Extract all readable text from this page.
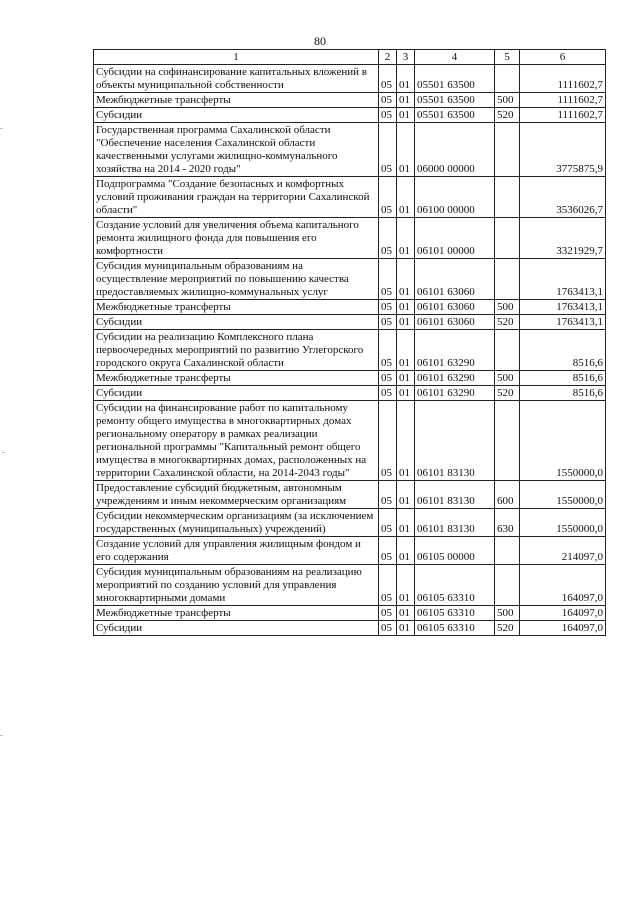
80
1	2	3	4	5	6
Субсидии на софинансирование капитальных вложений в объекты муниципальной собственности	05	01	05501 63500		1111602,7
Межбюджетные трансферты	05	01	05501 63500	500	1111602,7
Субсидии	05	01	05501 63500	520	1111602,7
Государственная программа Сахалинской области "Обеспечение населения Сахалинской области качественными услугами жилищно-коммунального хозяйства на 2014 - 2020 годы"	05	01	06000 00000		3775875,9
Подпрограмма "Создание безопасных и комфортных условий проживания граждан на территории Сахалинской области"	05	01	06100 00000		3536026,7
Создание условий для увеличения объема капитального ремонта жилищного фонда для повышения его комфортности	05	01	06101 00000		3321929,7
Субсидия муниципальным образованиям на осуществление мероприятий по повышению качества предоставляемых жилищно-коммунальных услуг	05	01	06101 63060		1763413,1
Межбюджетные трансферты	05	01	06101 63060	500	1763413,1
Субсидии	05	01	06101 63060	520	1763413,1
Субсидии на реализацию Комплексного плана первоочередных мероприятий по развитию Углегорского городского округа Сахалинской области	05	01	06101 63290		8516,6
Межбюджетные трансферты	05	01	06101 63290	500	8516,6
Субсидии	05	01	06101 63290	520	8516,6
Субсидии на финансирование работ по капитальному ремонту общего имущества в многоквартирных домах региональному оператору в рамках реализации региональной программы "Капитальный ремонт общего имущества в многоквартирных домах, расположенных на территории Сахалинской области, на 2014-2043 годы"	05	01	06101 83130		1550000,0
Предоставление субсидий бюджетным, автономным учреждениям и иным некоммерческим организациям	05	01	06101 83130	600	1550000,0
Субсидии некоммерческим организациям (за исключением государственных (муниципальных) учреждений)	05	01	06101 83130	630	1550000,0
Создание условий для управления жилищным фондом и его содержания	05	01	06105 00000		214097,0
Субсидия муниципальным образованиям на реализацию мероприятий по созданию условий для управления многоквартирными домами	05	01	06105 63310		164097,0
Межбюджетные трансферты	05	01	06105 63310	500	164097,0
Субсидии	05	01	06105 63310	520	164097,0
